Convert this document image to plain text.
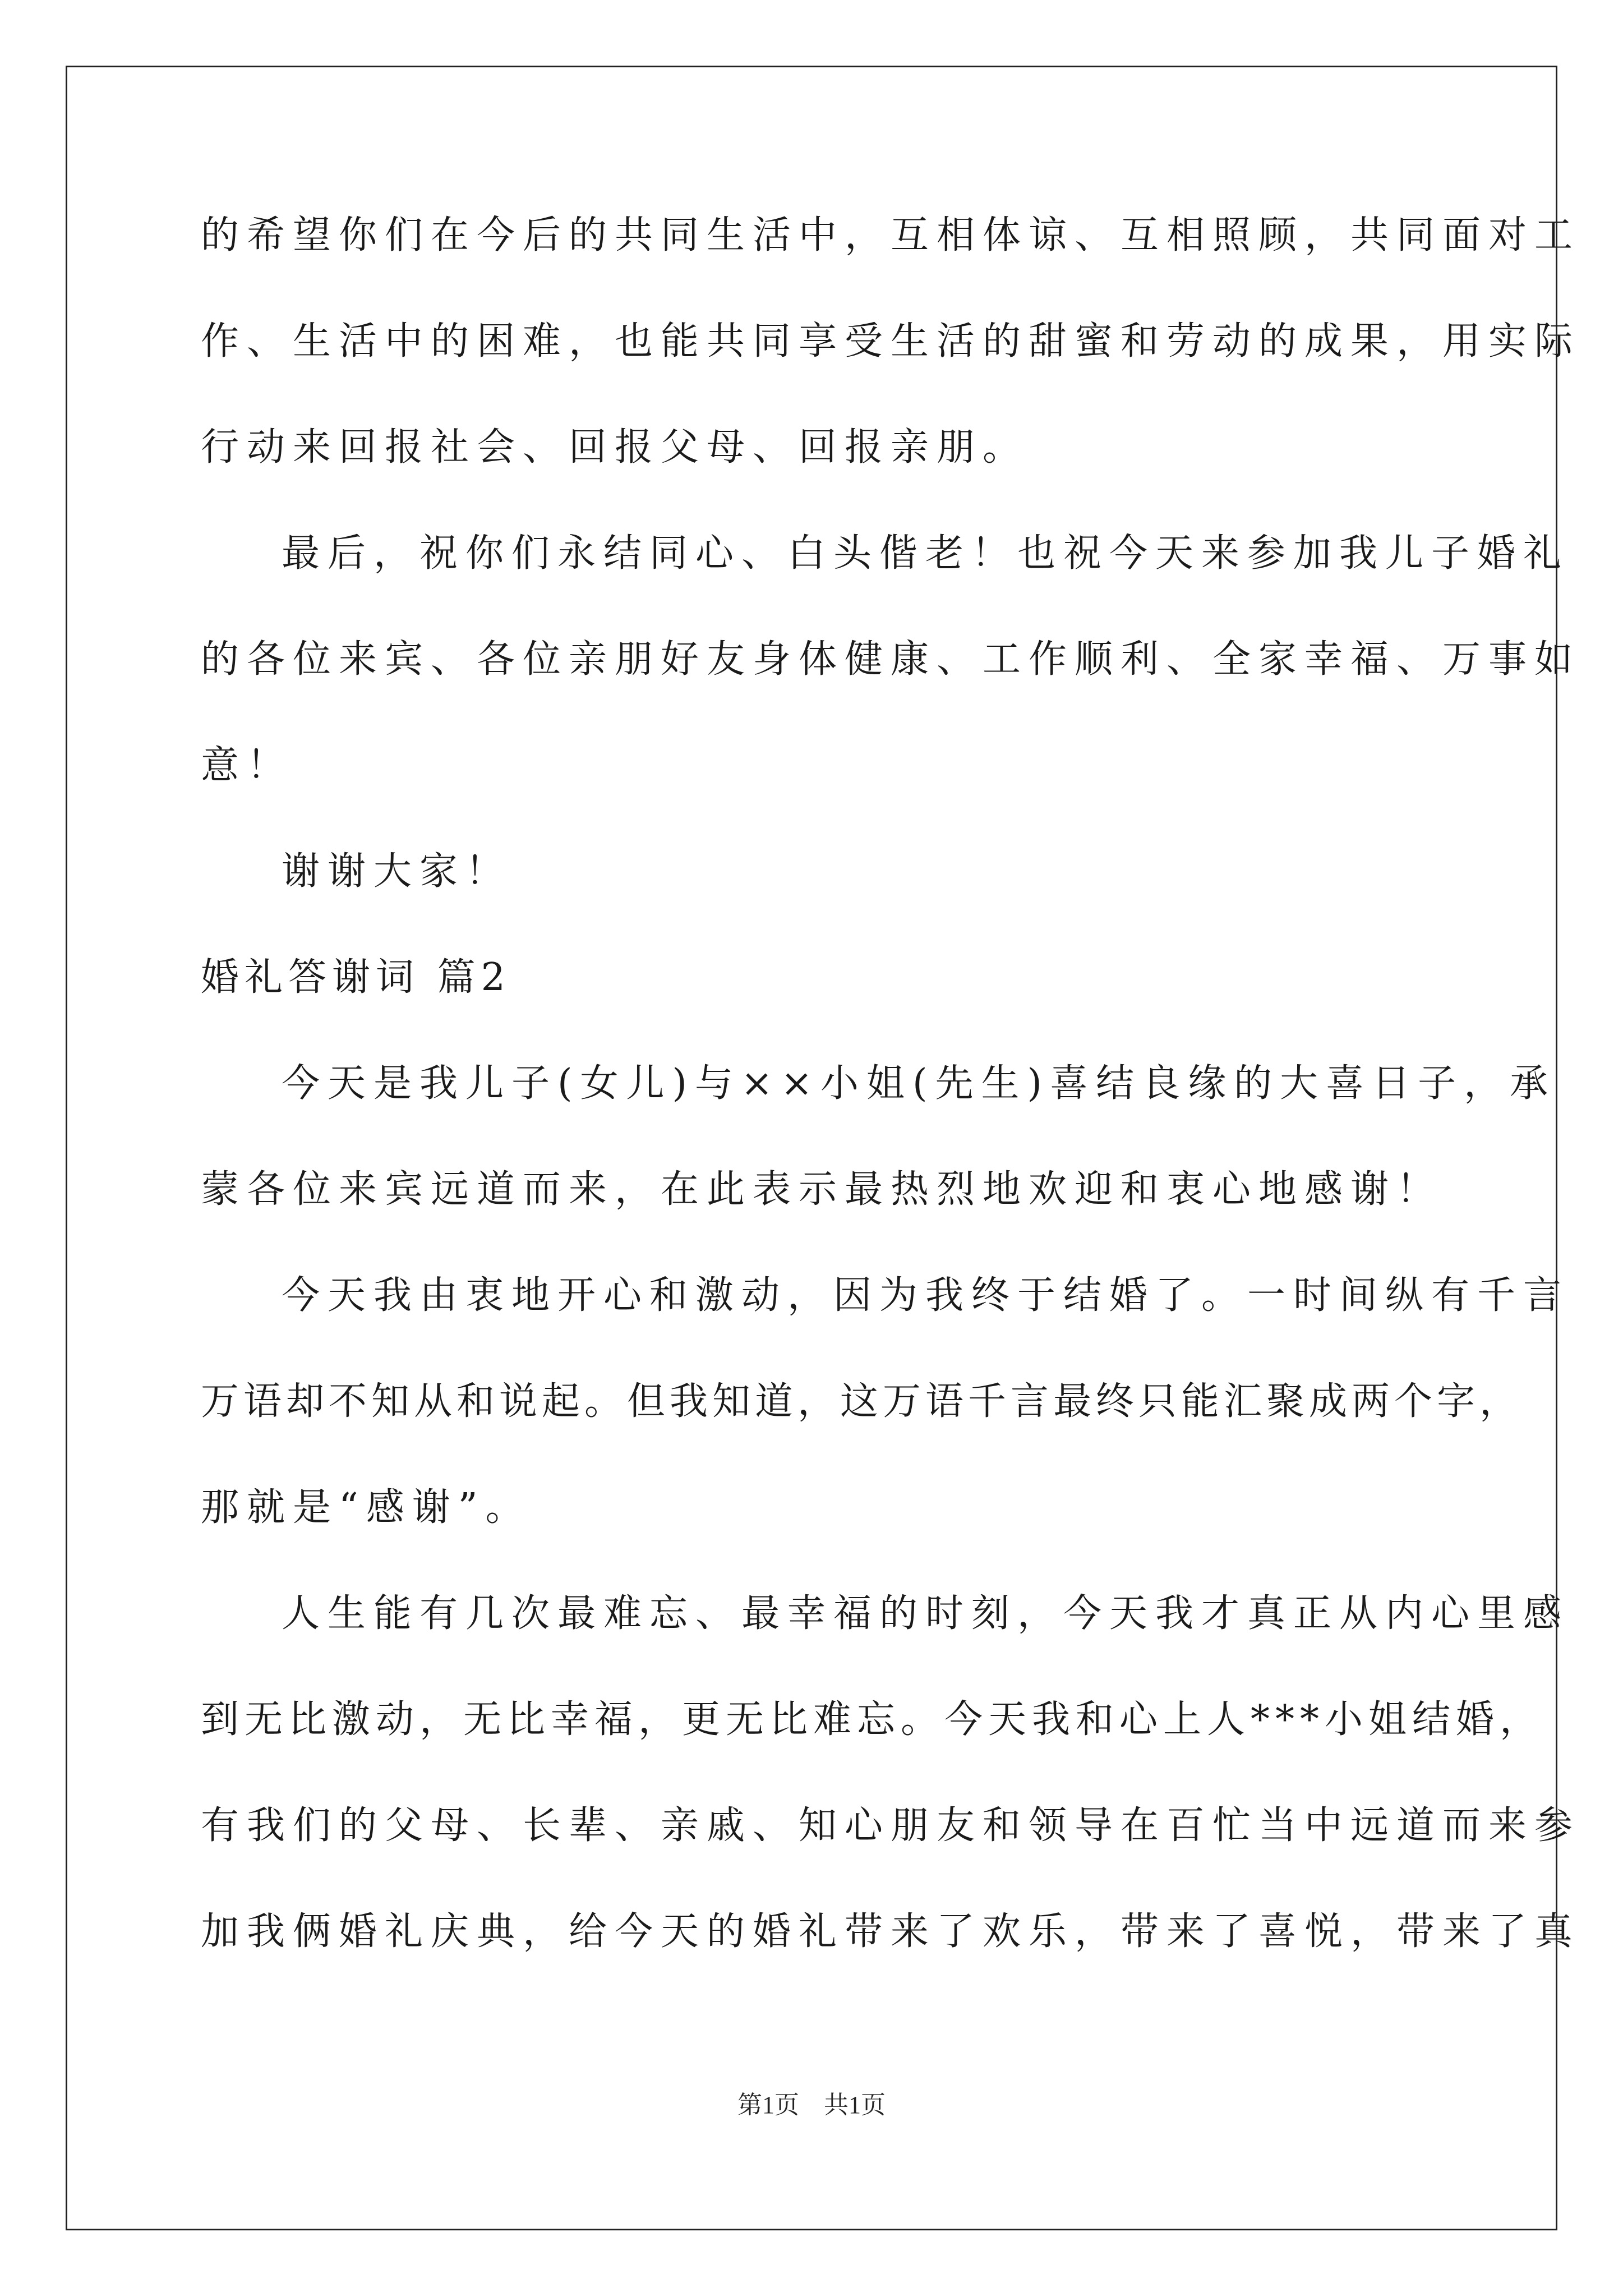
的希望你们在今后的共同生活中，互相体谅、互相照顾，共同面对工
作、生活中的困难，也能共同享受生活的甜蜜和劳动的成果，用实际
行动来回报社会、回报父母、回报亲朋。
最后，祝你们永结同心、白头偕老！也祝今天来参加我儿子婚礼
的各位来宾、各位亲朋好友身体健康、工作顺利、全家幸福、万事如
意！
谢谢大家！
婚礼答谢词 篇2
今天是我儿子(女儿)与××小姐(先生)喜结良缘的大喜日子，承
蒙各位来宾远道而来，在此表示最热烈地欢迎和衷心地感谢！
今天我由衷地开心和激动，因为我终于结婚了。一时间纵有千言
万语却不知从和说起。但我知道，这万语千言最终只能汇聚成两个字，
那就是“感谢”。
人生能有几次最难忘、最幸福的时刻，今天我才真正从内心里感
到无比激动，无比幸福，更无比难忘。今天我和心上人***小姐结婚，
有我们的父母、长辈、亲戚、知心朋友和领导在百忙当中远道而来参
加我俩婚礼庆典，给今天的婚礼带来了欢乐，带来了喜悦，带来了真
第1页　共1页
